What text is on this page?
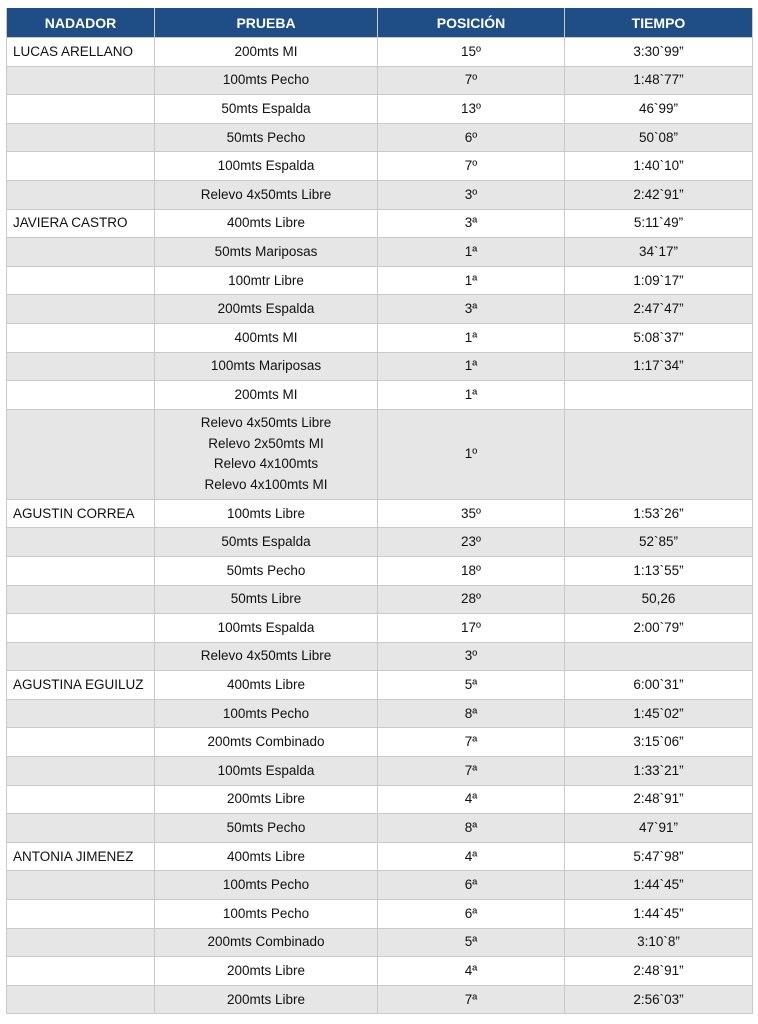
NADADOR	PRUEBA	POSICIÓN	TIEMPO
LUCAS ARELLANO	200mts MI	15º	3:30`99”
	100mts Pecho	7º	1:48`77”
	50mts Espalda	13º	46`99”
	50mts Pecho	6º	50`08”
	100mts Espalda	7º	1:40`10”
	Relevo 4x50mts Libre	3º	2:42`91”
JAVIERA CASTRO	400mts Libre	3ª	5:11`49”
	50mts Mariposas	1ª	34`17”
	100mtr Libre	1ª	1:09`17”
	200mts Espalda	3ª	2:47`47”
	400mts MI	1ª	5:08`37”
	100mts Mariposas	1ª	1:17`34”
	200mts MI	1ª	

	Relevo 4x50mts Libre
Relevo 2x50mts MI
Relevo 4x100mts
Relevo 4x100mts MI	1º	
AGUSTIN CORREA	100mts Libre	35º	1:53`26”
	50mts Espalda	23º	52`85”
	50mts Pecho	18º	1:13`55”
	50mts Libre	28º	50,26
	100mts Espalda	17º	2:00`79”
	Relevo 4x50mts Libre	3º	
AGUSTINA EGUILUZ	400mts Libre	5ª	6:00`31”
	100mts Pecho	8ª	1:45`02”
	200mts Combinado	7ª	3:15`06”
	100mts Espalda	7ª	1:33`21”
	200mts Libre	4ª	2:48`91”
	50mts Pecho	8ª	47`91”
ANTONIA JIMENEZ	400mts Libre	4ª	5:47`98”
	100mts Pecho	6ª	1:44`45”
	100mts Pecho	6ª	1:44`45”
	200mts Combinado	5ª	3:10`8”
	200mts Libre	4ª	2:48`91”
	200mts Libre	7ª	2:56`03”
